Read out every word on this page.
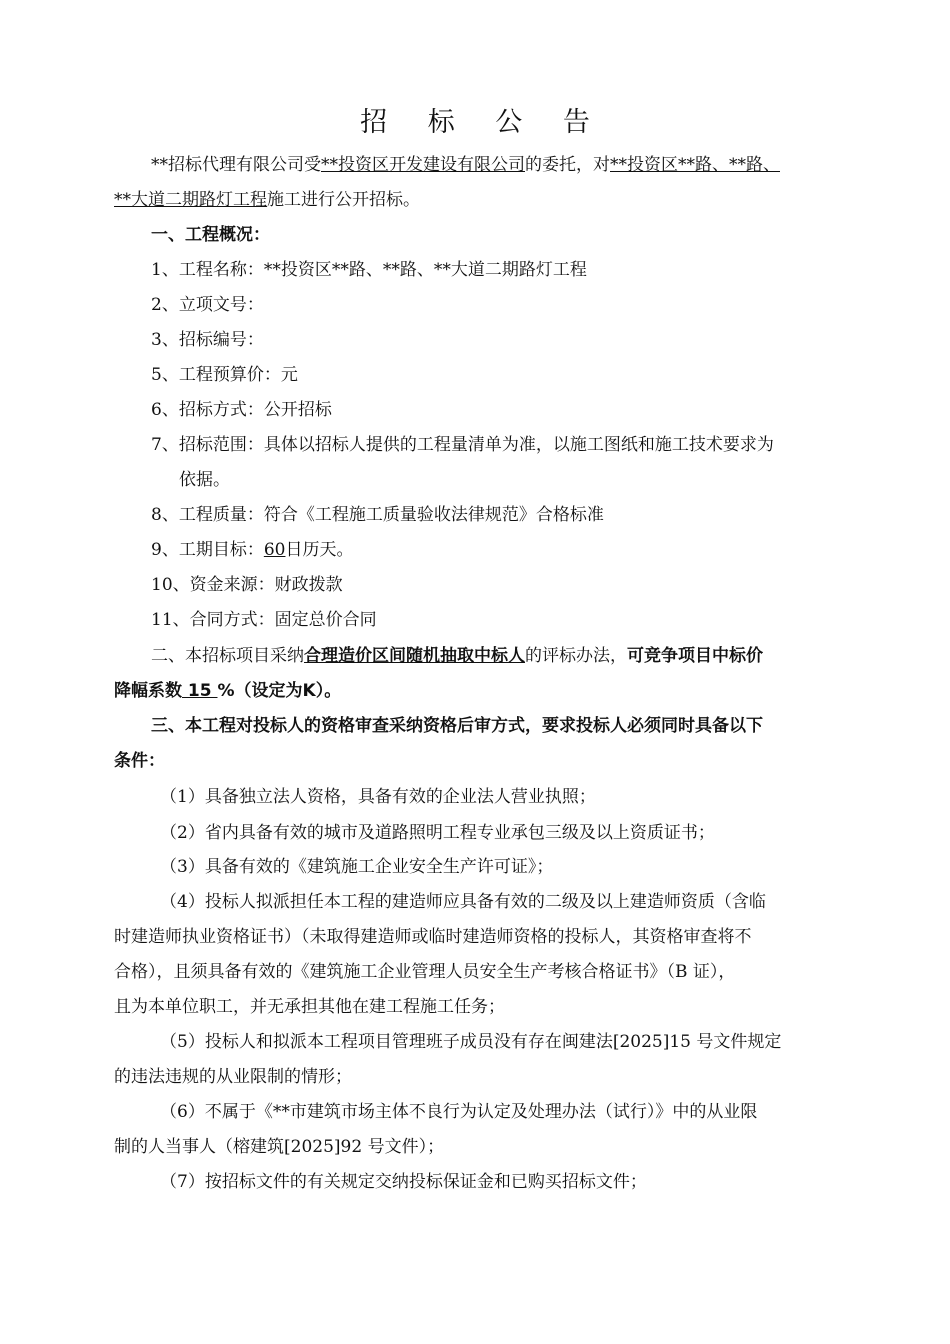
招 标 公 告
**招标代理有限公司受**投资区开发建设有限公司的委托，对**投资区**路、**路、
**大道二期路灯工程施工进行公开招标。
一、工程概况：
1、工程名称：**投资区**路、**路、**大道二期路灯工程
2、立项文号：
3、招标编号：
5、工程预算价：元
6、招标方式：公开招标
7、招标范围：具体以招标人提供的工程量清单为准，以施工图纸和施工技术要求为
依据。
8、工程质量：符合《工程施工质量验收法律规范》合格标准
9、工期目标：60日历天。
10、资金来源：财政拨款
11、合同方式：固定总价合同
二、本招标项目采纳合理造价区间随机抽取中标人的评标办法，可竞争项目中标价
降幅系数 15 %（设定为K）。
三、本工程对投标人的资格审查采纳资格后审方式，要求投标人必须同时具备以下
条件：
（1）具备独立法人资格，具备有效的企业法人营业执照；
（2）省内具备有效的城市及道路照明工程专业承包三级及以上资质证书；
（3）具备有效的《建筑施工企业安全生产许可证》；
（4）投标人拟派担任本工程的建造师应具备有效的二级及以上建造师资质（含临
时建造师执业资格证书）（未取得建造师或临时建造师资格的投标人，其资格审查将不
合格），且须具备有效的《建筑施工企业管理人员安全生产考核合格证书》（B 证），
且为本单位职工，并无承担其他在建工程施工任务；
（5）投标人和拟派本工程项目管理班子成员没有存在闽建法[2025]15 号文件规定
的违法违规的从业限制的情形；
（6）不属于《**市建筑市场主体不良行为认定及处理办法（试行）》中的从业限
制的人当事人（榕建筑[2025]92 号文件）；
（7）按招标文件的有关规定交纳投标保证金和已购买招标文件；
